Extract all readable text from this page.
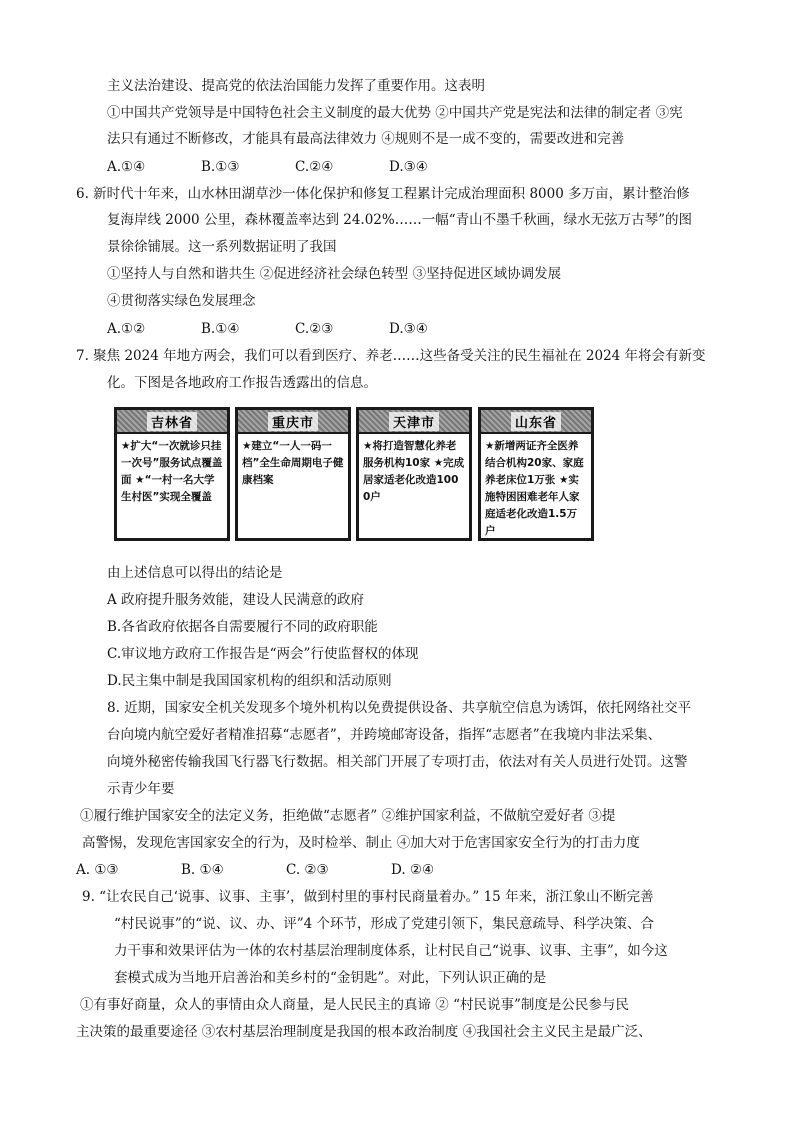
主义法治建设、提高党的依法治国能力发挥了重要作用。这表明
①中国共产党领导是中国特色社会主义制度的最大优势 ②中国共产党是宪法和法律的制定者 ③宪
法只有通过不断修改，才能具有最高法律效力 ④规则不是一成不变的，需要改进和完善
A.①④	B.①③	C.②④	D.③④
6. 新时代十年来，山水林田湖草沙一体化保护和修复工程累计完成治理面积 8000 多万亩，累计整治修
复海岸线 2000 公里，森林覆盖率达到 24.02%……一幅“青山不墨千秋画，绿水无弦万古琴”的图
景徐徐铺展。这一系列数据证明了我国
①坚持人与自然和谐共生 ②促进经济社会绿色转型 ③坚持促进区域协调发展
④贯彻落实绿色发展理念
A.①②	B.①④	C.②③	D.③④
7. 聚焦 2024 年地方两会，我们可以看到医疗、养老……这些备受关注的民生福祉在 2024 年将会有新变
化。下图是各地政府工作报告透露出的信息。
吉林省
★扩大“一次就诊只挂一次号”服务试点覆盖面 ★“一村一名大学生村医”实现全覆盖
重庆市
★建立“一人一码一档”全生命周期电子健康档案
天津市
★将打造智慧化养老服务机构10家 ★完成居家适老化改造1000户
山东省
★新增两证齐全医养结合机构20家、家庭养老床位1万张 ★实施特困困难老年人家庭适老化改造1.5万户
由上述信息可以得出的结论是
A 政府提升服务效能，建设人民满意的政府
B.各省政府依据各自需要履行不同的政府职能
C.审议地方政府工作报告是“两会”行使监督权的体现
D.民主集中制是我国国家机构的组织和活动原则
8. 近期，国家安全机关发现多个境外机构以免费提供设备、共享航空信息为诱饵，依托网络社交平
台向境内航空爱好者精准招募“志愿者”，并跨境邮寄设备，指挥“志愿者”在我境内非法采集、
向境外秘密传输我国飞行器飞行数据。相关部门开展了专项打击，依法对有关人员进行处罚。这警
示青少年要
①履行维护国家安全的法定义务，拒绝做“志愿者” ②维护国家利益，不做航空爱好者 ③提
高警惕，发现危害国家安全的行为，及时检举、制止 ④加大对于危害国家安全行为的打击力度
A. ①③	B. ①④	C. ②③	D. ②④
9. “让农民自己‘说事、议事、主事’，做到村里的事村民商量着办。” 15 年来，浙江象山不断完善
“村民说事”的“说、议、办、评”4 个环节，形成了党建引领下，集民意疏导、科学决策、合
力干事和效果评估为一体的农村基层治理制度体系，让村民自己“说事、议事、主事”，如今这
套模式成为当地开启善治和美乡村的“金钥匙”。对此，下列认识正确的是
①有事好商量，众人的事情由众人商量，是人民民主的真谛 ② “村民说事”制度是公民参与民
主决策的最重要途径 ③农村基层治理制度是我国的根本政治制度 ④我国社会主义民主是最广泛、
